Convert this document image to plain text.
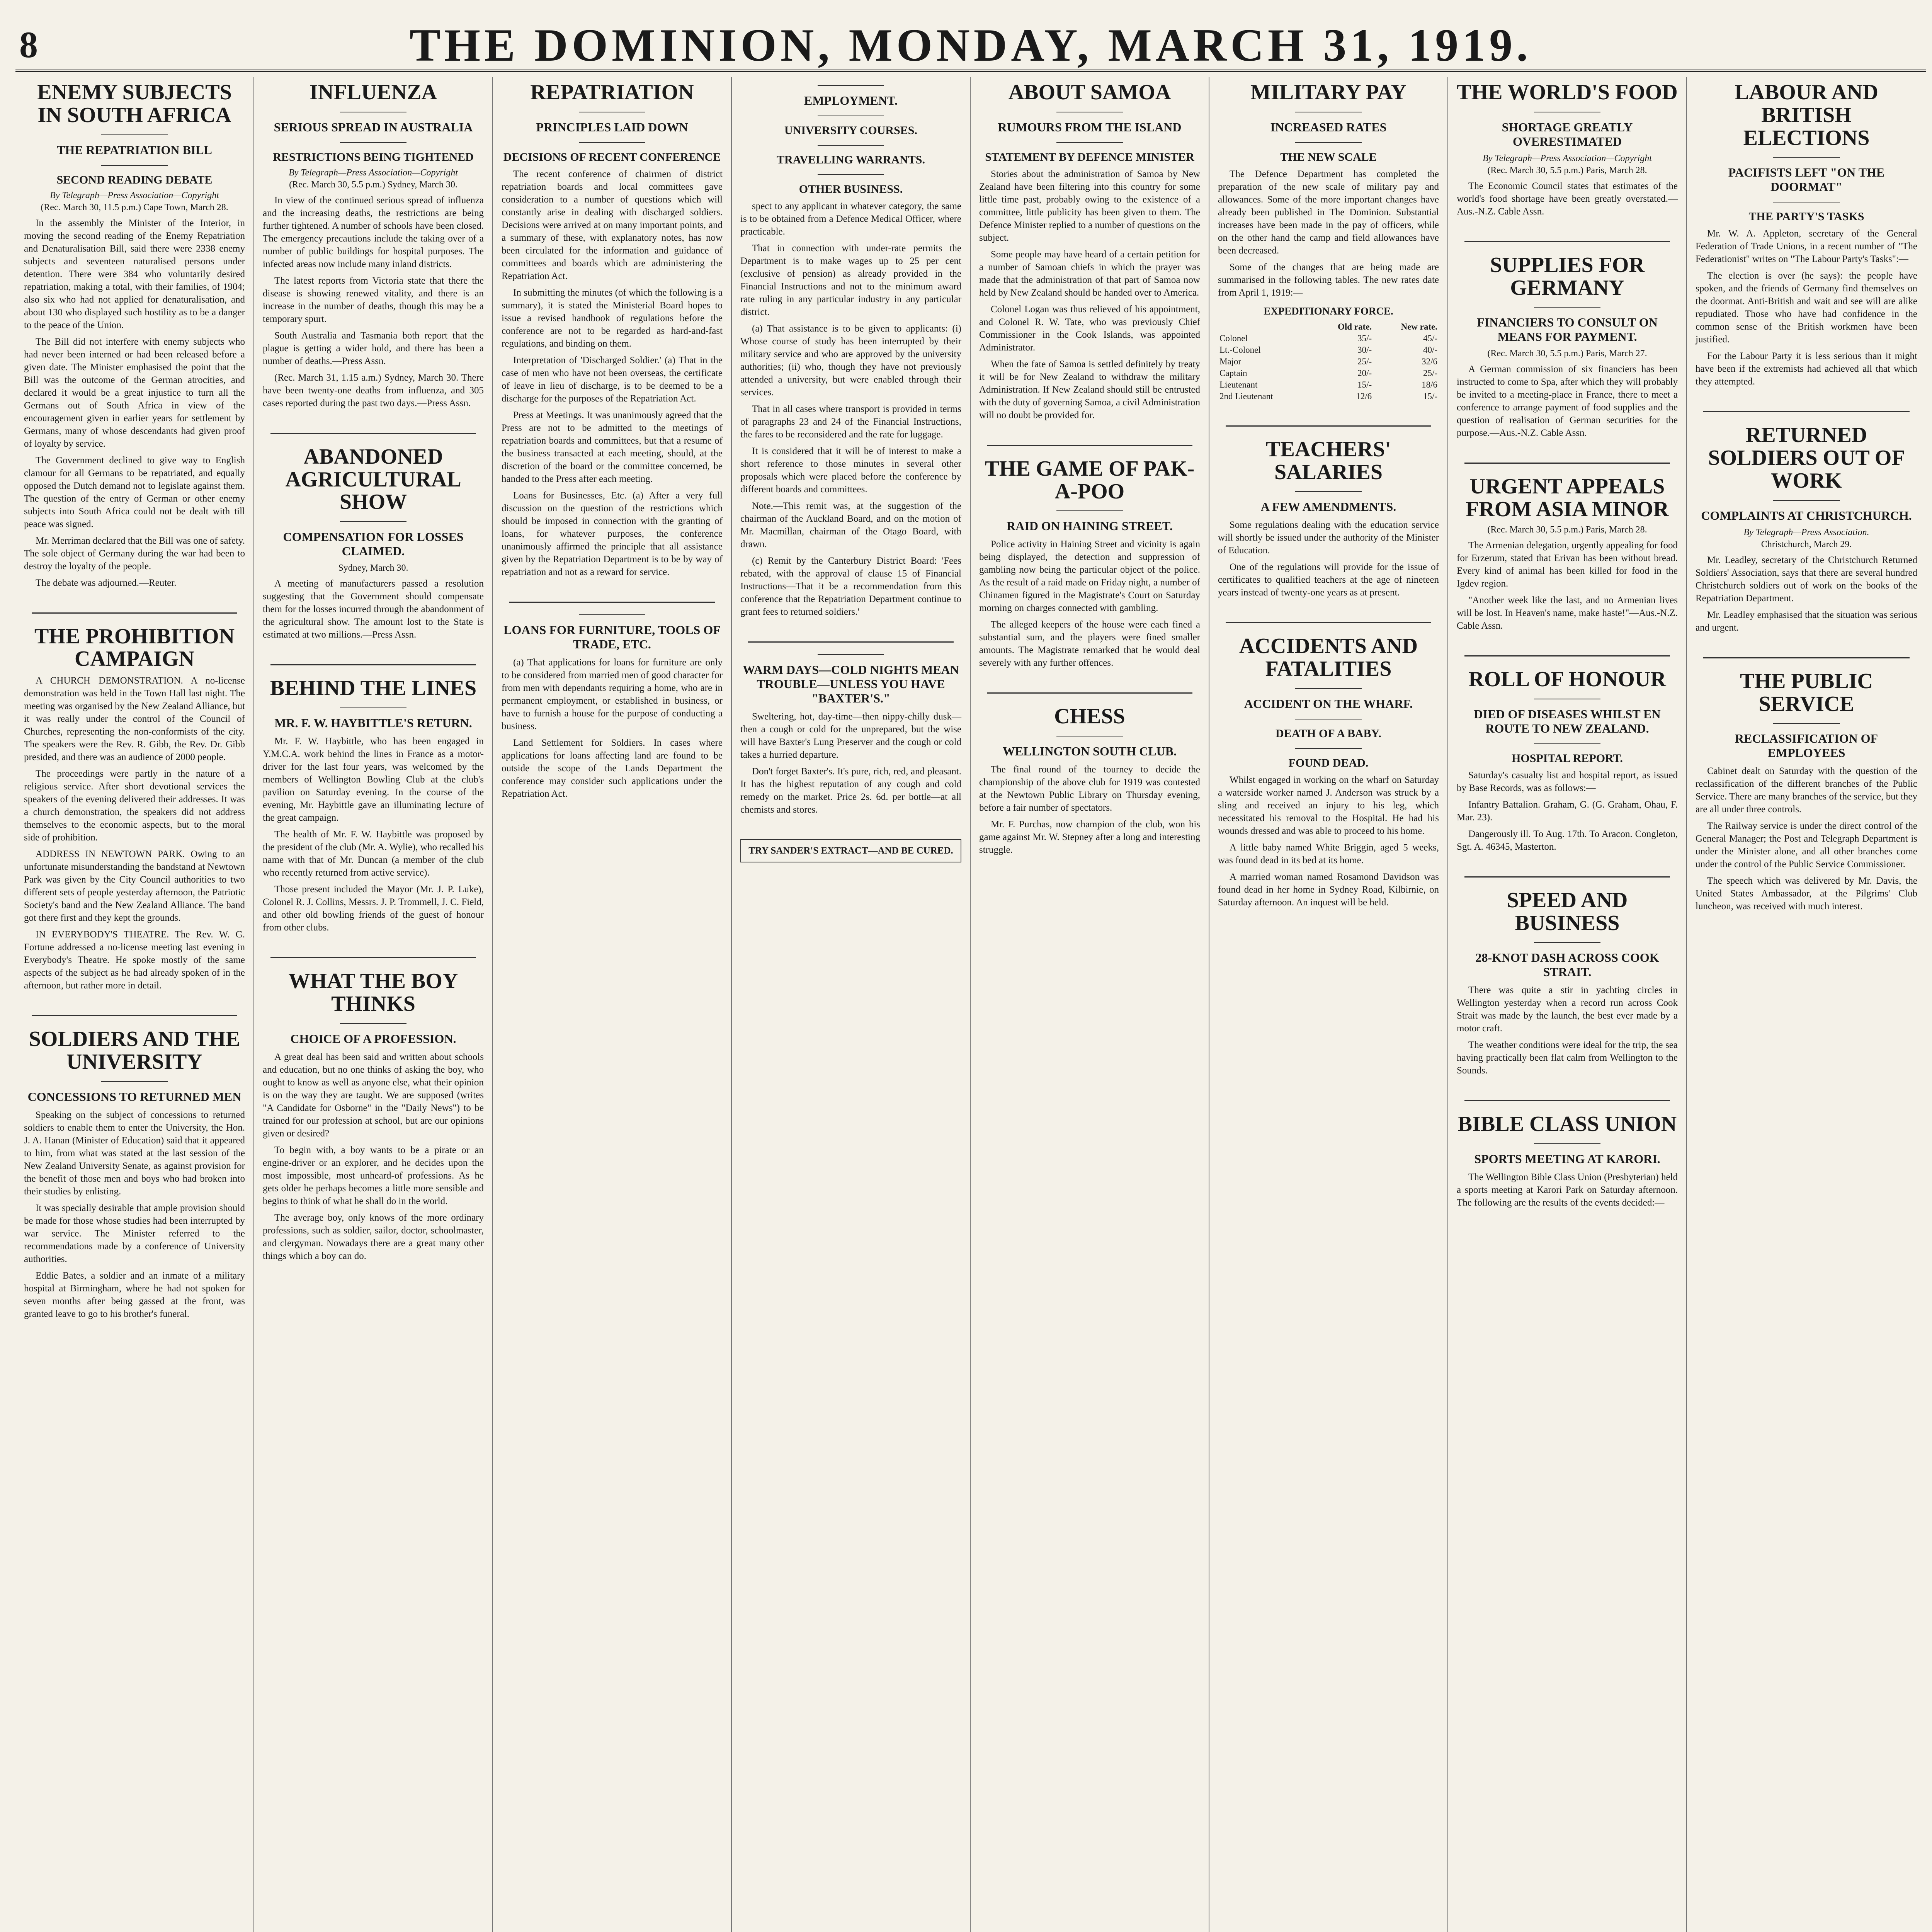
8	THE DOMINION, MONDAY, MARCH 31, 1919.
ENEMY SUBJECTS IN SOUTH AFRICA
THE REPATRIATION BILL
SECOND READING DEBATE
By Telegraph—Press Association—Copyright
(Rec. March 30, 11.5 p.m.) Cape Town, March 28.

In the assembly the Minister of the Interior, in moving the second reading of the Enemy Repatriation and Denaturalisation Bill, said there were 2338 enemy subjects and seventeen naturalised persons under detention. There were 384 who voluntarily desired repatriation, making a total, with their families, of 1904; also six who had not applied for denaturalisation, and about 130 who displayed such hostility as to be a danger to the peace of the Union.

The Bill did not interfere with enemy subjects who had never been interned or had been released before a given date. The Minister emphasised the point that the Bill was the outcome of the German atrocities, and declared it would be a great injustice to turn all the Germans out of South Africa in view of the encouragement given in earlier years for settlement by Germans, many of whose descendants had given proof of loyalty by service.

The Government declined to give way to English clamour for all Germans to be repatriated, and equally opposed the Dutch demand not to legislate against them. The question of the entry of German or other enemy subjects into South Africa could not be dealt with till peace was signed.

Mr. Merriman declared that the Bill was one of safety. The sole object of Germany during the war had been to destroy the loyalty of the people.

The debate was adjourned.—Reuter.

THE PROHIBITION CAMPAIGN

A CHURCH DEMONSTRATION. A no-license demonstration was held in the Town Hall last night. The meeting was organised by the New Zealand Alliance, but it was really under the control of the Council of Churches, representing the non-conformists of the city. The speakers were the Rev. R. Gibb, the Rev. Dr. Gibb presided, and there was an audience of 2000 people.

The proceedings were partly in the nature of a religious service. After short devotional services the speakers of the evening delivered their addresses. It was a church demonstration, the speakers did not address themselves to the economic aspects, but to the moral side of prohibition.

ADDRESS IN NEWTOWN PARK. Owing to an unfortunate misunderstanding the bandstand at Newtown Park was given by the City Council authorities to two different sets of people yesterday afternoon, the Patriotic Society's band and the New Zealand Alliance. The band got there first and they kept the grounds.

IN EVERYBODY'S THEATRE. The Rev. W. G. Fortune addressed a no-license meeting last evening in Everybody's Theatre. He spoke mostly of the same aspects of the subject as he had already spoken of in the afternoon, but rather more in detail.

SOLDIERS AND THE UNIVERSITY
CONCESSIONS TO RETURNED MEN

Speaking on the subject of concessions to returned soldiers to enable them to enter the University, the Hon. J. A. Hanan (Minister of Education) said that it appeared to him, from what was stated at the last session of the New Zealand University Senate, as against provision for the benefit of those men and boys who had broken into their studies by enlisting.

It was specially desirable that ample provision should be made for those whose studies had been interrupted by war service. The Minister referred to the recommendations made by a conference of University authorities.

Eddie Bates, a soldier and an inmate of a military hospital at Birmingham, where he had not spoken for seven months after being gassed at the front, was granted leave to go to his brother's funeral.

INFLUENZA
SERIOUS SPREAD IN AUSTRALIA
RESTRICTIONS BEING TIGHTENED
By Telegraph—Press Association—Copyright
(Rec. March 30, 5.5 p.m.) Sydney, March 30.

In view of the continued serious spread of influenza and the increasing deaths, the restrictions are being further tightened. A number of schools have been closed. The emergency precautions include the taking over of a number of public buildings for hospital purposes. The infected areas now include many inland districts.

The latest reports from Victoria state that there the disease is showing renewed vitality, and there is an increase in the number of deaths, though this may be a temporary spurt.

South Australia and Tasmania both report that the plague is getting a wider hold, and there has been a number of deaths.—Press Assn.

(Rec. March 31, 1.15 a.m.) Sydney, March 30. There have been twenty-one deaths from influenza, and 305 cases reported during the past two days.—Press Assn.

ABANDONED AGRICULTURAL SHOW
COMPENSATION FOR LOSSES CLAIMED.
Sydney, March 30.

A meeting of manufacturers passed a resolution suggesting that the Government should compensate them for the losses incurred through the abandonment of the agricultural show. The amount lost to the State is estimated at two millions.—Press Assn.

BEHIND THE LINES
MR. F. W. HAYBITTLE'S RETURN.

Mr. F. W. Haybittle, who has been engaged in Y.M.C.A. work behind the lines in France as a motor-driver for the last four years, was welcomed by the members of Wellington Bowling Club at the club's pavilion on Saturday evening. In the course of the evening, Mr. Haybittle gave an illuminating lecture of the great campaign.

The health of Mr. F. W. Haybittle was proposed by the president of the club (Mr. A. Wylie), who recalled his name with that of Mr. Duncan (a member of the club who recently returned from active service).

Those present included the Mayor (Mr. J. P. Luke), Colonel R. J. Collins, Messrs. J. P. Trommell, J. C. Field, and other old bowling friends of the guest of honour from other clubs.

WHAT THE BOY THINKS
CHOICE OF A PROFESSION.

A great deal has been said and written about schools and education, but no one thinks of asking the boy, who ought to know as well as anyone else, what their opinion is on the way they are taught. We are supposed (writes "A Candidate for Osborne" in the "Daily News") to be trained for our profession at school, but are our opinions given or desired?

To begin with, a boy wants to be a pirate or an engine-driver or an explorer, and he decides upon the most impossible, most unheard-of professions. As he gets older he perhaps becomes a little more sensible and begins to think of what he shall do in the world.

The average boy, only knows of the more ordinary professions, such as soldier, sailor, doctor, schoolmaster, and clergyman. Nowadays there are a great many other things which a boy can do.

REPATRIATION
PRINCIPLES LAID DOWN
DECISIONS OF RECENT CONFERENCE

The recent conference of chairmen of district repatriation boards and local committees gave consideration to a number of questions which will constantly arise in dealing with discharged soldiers. Decisions were arrived at on many important points, and a summary of these, with explanatory notes, has now been circulated for the information and guidance of committees and boards which are administering the Repatriation Act.

In submitting the minutes (of which the following is a summary), it is stated the Ministerial Board hopes to issue a revised handbook of regulations before the conference are not to be regarded as hard-and-fast regulations, and binding on them.

Interpretation of 'Discharged Soldier.' (a) That in the case of men who have not been overseas, the certificate of leave in lieu of discharge, is to be deemed to be a discharge for the purposes of the Repatriation Act.

Press at Meetings. It was unanimously agreed that the Press are not to be admitted to the meetings of repatriation boards and committees, but that a resume of the business transacted at each meeting, should, at the discretion of the board or the committee concerned, be handed to the Press after each meeting.

Loans for Businesses, Etc. (a) After a very full discussion on the question of the restrictions which should be imposed in connection with the granting of loans, for whatever purposes, the conference unanimously affirmed the principle that all assistance given by the Repatriation Department is to be by way of repatriation and not as a reward for service.

LOANS FOR FURNITURE, TOOLS OF TRADE, ETC.

(a) That applications for loans for furniture are only to be considered from married men of good character for from men with dependants requiring a home, who are in permanent employment, or established in business, or have to furnish a house for the purpose of conducting a business.

Land Settlement for Soldiers. In cases where applications for loans affecting land are found to be outside the scope of the Lands Department the conference may consider such applications under the Repatriation Act.

EMPLOYMENT.
UNIVERSITY COURSES.
TRAVELLING WARRANTS.
OTHER BUSINESS.

spect to any applicant in whatever category, the same is to be obtained from a Defence Medical Officer, where practicable.

That in connection with under-rate permits the Department is to make wages up to 25 per cent (exclusive of pension) as already provided in the Financial Instructions and not to the minimum award rate ruling in any particular industry in any particular district.

(a) That assistance is to be given to applicants: (i) Whose course of study has been interrupted by their military service and who are approved by the university authorities; (ii) who, though they have not previously attended a university, but were enabled through their services.

That in all cases where transport is provided in terms of paragraphs 23 and 24 of the Financial Instructions, the fares to be reconsidered and the rate for luggage.

It is considered that it will be of interest to make a short reference to those minutes in several other proposals which were placed before the conference by different boards and committees.

Note.—This remit was, at the suggestion of the chairman of the Auckland Board, and on the motion of Mr. Macmillan, chairman of the Otago Board, with drawn.

(c) Remit by the Canterbury District Board: 'Fees rebated, with the approval of clause 15 of Financial Instructions—That it be a recommendation from this conference that the Repatriation Department continue to grant fees to returned soldiers.'

WARM DAYS—COLD NIGHTS MEAN TROUBLE—UNLESS YOU HAVE "BAXTER'S."

Sweltering, hot, day-time—then nippy-chilly dusk—then a cough or cold for the unprepared, but the wise will have Baxter's Lung Preserver and the cough or cold takes a hurried departure.

Don't forget Baxter's. It's pure, rich, red, and pleasant. It has the highest reputation of any cough and cold remedy on the market. Price 2s. 6d. per bottle—at all chemists and stores.

TRY SANDER'S EXTRACT—AND BE CURED.
ABOUT SAMOA
RUMOURS FROM THE ISLAND
STATEMENT BY DEFENCE MINISTER

Stories about the administration of Samoa by New Zealand have been filtering into this country for some little time past, probably owing to the existence of a committee, little publicity has been given to them. The Defence Minister replied to a number of questions on the subject.

Some people may have heard of a certain petition for a number of Samoan chiefs in which the prayer was made that the administration of that part of Samoa now held by New Zealand should be handed over to America.

Colonel Logan was thus relieved of his appointment, and Colonel R. W. Tate, who was previously Chief Commissioner in the Cook Islands, was appointed Administrator.

When the fate of Samoa is settled definitely by treaty it will be for New Zealand to withdraw the military Administration. If New Zealand should still be entrusted with the duty of governing Samoa, a civil Administration will no doubt be provided for.

THE GAME OF PAK-A-POO
RAID ON HAINING STREET.

Police activity in Haining Street and vicinity is again being displayed, the detection and suppression of gambling now being the particular object of the police. As the result of a raid made on Friday night, a number of Chinamen figured in the Magistrate's Court on Saturday morning on charges connected with gambling.

The alleged keepers of the house were each fined a substantial sum, and the players were fined smaller amounts. The Magistrate remarked that he would deal severely with any further offences.

CHESS
WELLINGTON SOUTH CLUB.

The final round of the tourney to decide the championship of the above club for 1919 was contested at the Newtown Public Library on Thursday evening, before a fair number of spectators.

Mr. F. Purchas, now champion of the club, won his game against Mr. W. Stepney after a long and interesting struggle.

MILITARY PAY
INCREASED RATES
THE NEW SCALE

The Defence Department has completed the preparation of the new scale of military pay and allowances. Some of the more important changes have already been published in The Dominion. Substantial increases have been made in the pay of officers, while on the other hand the camp and field allowances have been decreased.

Some of the changes that are being made are summarised in the following tables. The new rates date from April 1, 1919:—

EXPEDITIONARY FORCE.
	Old rate.	New rate.
Colonel	35/-	45/-
Lt.-Colonel	30/-	40/-
Major	25/-	32/6
Captain	20/-	25/-
Lieutenant	15/-	18/6
2nd Lieutenant	12/6	15/-
TEACHERS' SALARIES
A FEW AMENDMENTS.

Some regulations dealing with the education service will shortly be issued under the authority of the Minister of Education.

One of the regulations will provide for the issue of certificates to qualified teachers at the age of nineteen years instead of twenty-one years as at present.

ACCIDENTS AND FATALITIES
ACCIDENT ON THE WHARF.
DEATH OF A BABY.
FOUND DEAD.

Whilst engaged in working on the wharf on Saturday a waterside worker named J. Anderson was struck by a sling and received an injury to his leg, which necessitated his removal to the Hospital. He had his wounds dressed and was able to proceed to his home.

A little baby named White Briggin, aged 5 weeks, was found dead in its bed at its home.

A married woman named Rosamond Davidson was found dead in her home in Sydney Road, Kilbirnie, on Saturday afternoon. An inquest will be held.

THE WORLD'S FOOD
SHORTAGE GREATLY OVERESTIMATED
By Telegraph—Press Association—Copyright
(Rec. March 30, 5.5 p.m.) Paris, March 28.

The Economic Council states that estimates of the world's food shortage have been greatly overstated.—Aus.-N.Z. Cable Assn.

SUPPLIES FOR GERMANY
FINANCIERS TO CONSULT ON MEANS FOR PAYMENT.
(Rec. March 30, 5.5 p.m.) Paris, March 27.

A German commission of six financiers has been instructed to come to Spa, after which they will probably be invited to a meeting-place in France, there to meet a conference to arrange payment of food supplies and the question of realisation of German securities for the purpose.—Aus.-N.Z. Cable Assn.

URGENT APPEALS FROM ASIA MINOR
(Rec. March 30, 5.5 p.m.) Paris, March 28.

The Armenian delegation, urgently appealing for food for Erzerum, stated that Erivan has been without bread. Every kind of animal has been killed for food in the Igdev region.

"Another week like the last, and no Armenian lives will be lost. In Heaven's name, make haste!"—Aus.-N.Z. Cable Assn.

ROLL OF HONOUR
DIED OF DISEASES WHILST EN ROUTE TO NEW ZEALAND.
HOSPITAL REPORT.

Saturday's casualty list and hospital report, as issued by Base Records, was as follows:—

Infantry Battalion. Graham, G. (G. Graham, Ohau, F. Mar. 23).

Dangerously ill. To Aug. 17th. To Aracon. Congleton, Sgt. A. 46345, Masterton.

SPEED AND BUSINESS
28-KNOT DASH ACROSS COOK STRAIT.

There was quite a stir in yachting circles in Wellington yesterday when a record run across Cook Strait was made by the launch, the best ever made by a motor craft.

The weather conditions were ideal for the trip, the sea having practically been flat calm from Wellington to the Sounds.

BIBLE CLASS UNION
SPORTS MEETING AT KARORI.

The Wellington Bible Class Union (Presbyterian) held a sports meeting at Karori Park on Saturday afternoon. The following are the results of the events decided:—

LABOUR AND BRITISH ELECTIONS
PACIFISTS LEFT "ON THE DOORMAT"
THE PARTY'S TASKS

Mr. W. A. Appleton, secretary of the General Federation of Trade Unions, in a recent number of "The Federationist" writes on "The Labour Party's Tasks":—

The election is over (he says): the people have spoken, and the friends of Germany find themselves on the doormat. Anti-British and wait and see will are alike repudiated. Those who have had confidence in the common sense of the British workmen have been justified.

For the Labour Party it is less serious than it might have been if the extremists had achieved all that which they attempted.

RETURNED SOLDIERS OUT OF WORK
COMPLAINTS AT CHRISTCHURCH.
By Telegraph—Press Association.
Christchurch, March 29.

Mr. Leadley, secretary of the Christchurch Returned Soldiers' Association, says that there are several hundred Christchurch soldiers out of work on the books of the Repatriation Department.

Mr. Leadley emphasised that the situation was serious and urgent.

THE PUBLIC SERVICE
RECLASSIFICATION OF EMPLOYEES

Cabinet dealt on Saturday with the question of the reclassification of the different branches of the Public Service. There are many branches of the service, but they are all under three controls.

The Railway service is under the direct control of the General Manager; the Post and Telegraph Department is under the Minister alone, and all other branches come under the control of the Public Service Commissioner.

The speech which was delivered by Mr. Davis, the United States Ambassador, at the Pilgrims' Club luncheon, was received with much interest.
